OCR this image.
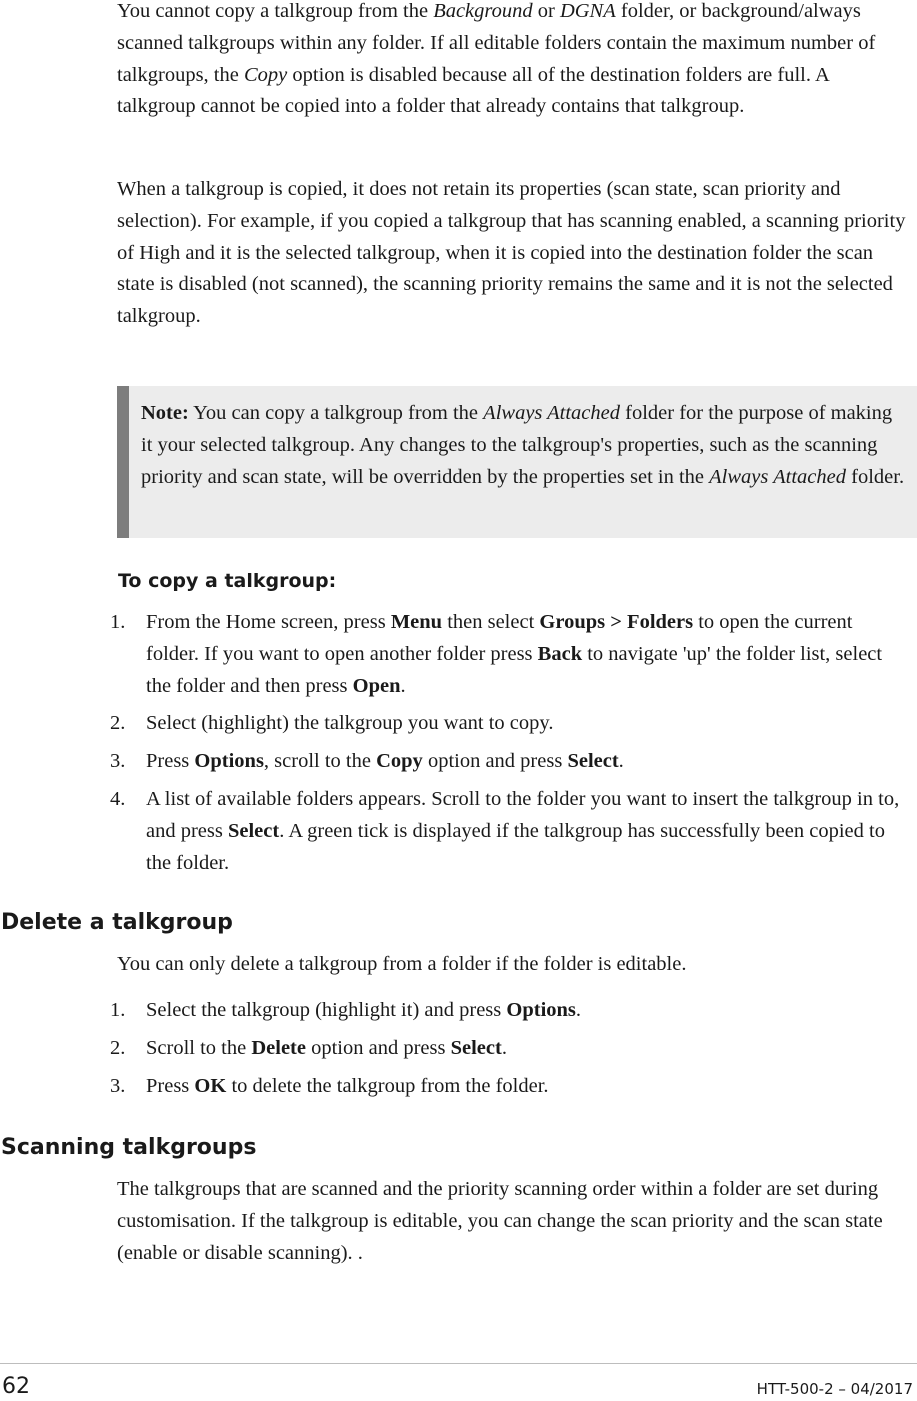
You cannot copy a talkgroup from the Background or DGNA folder, or background/always scanned talkgroups within any folder. If all editable folders contain the maximum number of talkgroups, the Copy option is disabled because all of the destination folders are full. A talkgroup cannot be copied into a folder that already contains that talkgroup.

When a talkgroup is copied, it does not retain its properties (scan state, scan priority and selection). For example, if you copied a talkgroup that has scanning enabled, a scanning priority of High and it is the selected talkgroup, when it is copied into the destination folder the scan state is disabled (not scanned), the scanning priority remains the same and it is not the selected talkgroup.

Note: You can copy a talkgroup from the Always Attached folder for the purpose of making it your selected talkgroup. Any changes to the talkgroup's properties, such as the scanning priority and scan state, will be overridden by the properties set in the Always Attached folder.
To copy a talkgroup:
1. From the Home screen, press Menu then select Groups > Folders to open the current folder. If you want to open another folder press Back to navigate 'up' the folder list, select the folder and then press Open.
2. Select (highlight) the talkgroup you want to copy.
3. Press Options, scroll to the Copy option and press Select.
4. A list of available folders appears. Scroll to the folder you want to insert the talkgroup in to, and press Select. A green tick is displayed if the talkgroup has successfully been copied to the folder.
Delete a talkgroup

You can only delete a talkgroup from a folder if the folder is editable.

1. Select the talkgroup (highlight it) and press Options.
2. Scroll to the Delete option and press Select.
3. Press OK to delete the talkgroup from the folder.
Scanning talkgroups

The talkgroups that are scanned and the priority scanning order within a folder are set during customisation. If the talkgroup is editable, you can change the scan priority and the scan state (enable or disable scanning). .

62	HTT-500-2 – 04/2017
